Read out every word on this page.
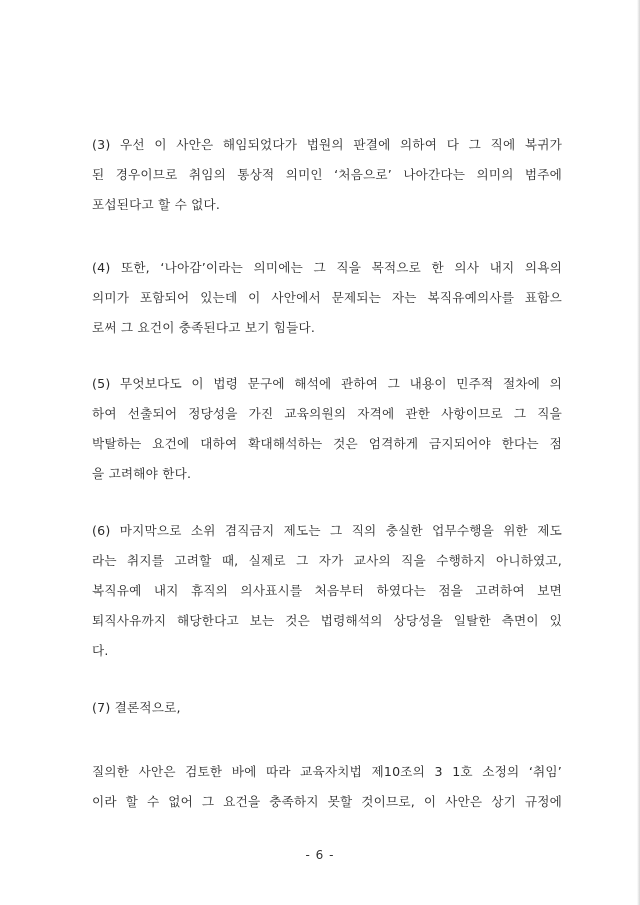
(3) 우선 이 사안은 해임되었다가 법원의 판결에 의하여 다 그 직에 복귀가
된 경우이므로 취임의 통상적 의미인 ‘처음으로’ 나아간다는 의미의 범주에
포섭된다고 할 수 없다.
(4) 또한, ‘나아감’이라는 의미에는 그 직을 목적으로 한 의사 내지 의욕의
의미가 포함되어 있는데 이 사안에서 문제되는 자는 복직유예의사를 표함으
로써 그 요건이 충족된다고 보기 힘들다.
(5) 무엇보다도 이 법령 문구에 해석에 관하여 그 내용이 민주적 절차에 의
하여 선출되어 정당성을 가진 교육의원의 자격에 관한 사항이므로 그 직을
박탈하는 요건에 대하여 확대해석하는 것은 엄격하게 금지되어야 한다는 점
을 고려해야 한다.
(6) 마지막으로 소위 겸직금지 제도는 그 직의 충실한 업무수행을 위한 제도
라는 취지를 고려할 때, 실제로 그 자가 교사의 직을 수행하지 아니하였고,
복직유예 내지 휴직의 의사표시를 처음부터 하였다는 점을 고려하여 보면
퇴직사유까지 해당한다고 보는 것은 법령해석의 상당성을 일탈한 측면이 있
다.
(7) 결론적으로,
질의한 사안은 검토한 바에 따라 교육자치법 제10조의 3 1호 소정의 ‘취임’
이라 할 수 없어 그 요건을 충족하지 못할 것이므로, 이 사안은 상기 규정에
- 6 -
